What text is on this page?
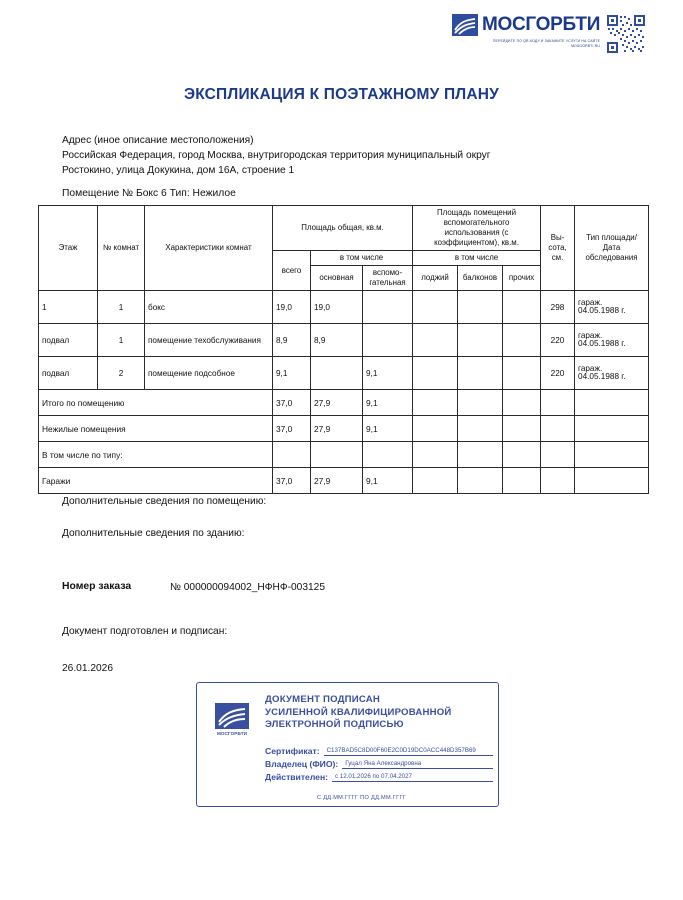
МОСГОРБТИ
ПЕРЕЙДИТЕ ПО QR-КОДУ И ЗАКАЖИТЕ УСЛУГИ НА САЙТЕ
MOSGORBTI.RU
ЭКСПЛИКАЦИЯ К ПОЭТАЖНОМУ ПЛАНУ
Адрес (иное описание местоположения)
Российская Федерация, город Москва, внутригородская территория муниципальный округ
Ростокино, улица Докукина, дом 16А, строение 1
Помещение № Бокс 6 Тип: Нежилое
Этаж	№ комнат	Характеристики комнат	Площадь общая, кв.м.			Площадь помещений вспомогательного использования (с коэффициентом), кв.м.			Вы-сота, см.	Тип площади/ Дата обследования
			всего	в том числе		в том числе				
				основная	вспомо-гательная	лоджий	балконов	прочих		
1	1	бокс	19,0	19,0					298	гараж. 04.05.1988 г.
подвал	1	помещение техобслуживания	8,9	8,9					220	гараж. 04.05.1988 г.
подвал	2	помещение подсобное	9,1		9,1				220	гараж. 04.05.1988 г.
Итого по помещению			37,0	27,9	9,1					
Нежилые помещения			37,0	27,9	9,1					
В том числе по типу:										
Гаражи			37,0	27,9	9,1					
Дополнительные сведения по помещению:
Дополнительные сведения по зданию:
Номер заказа	№ 000000094002_НФНФ-003125
Документ подготовлен и подписан:
26.01.2026
МОСГОРБТИ
ДОКУМЕНТ ПОДПИСАН
УСИЛЕННОЙ КВАЛИФИЦИРОВАННОЙ
ЭЛЕКТРОННОЙ ПОДПИСЬЮ
Сертификат:	C137BAD5C8D00F60E2C0D19DC0ACC448D357B69
Владелец (ФИО):	Гуцал Яна Александровна
Действителен:	с 12.01.2026 по 07.04.2027
С ДД.ММ.ГГГГ ПО ДД.ММ.ГГГГ
